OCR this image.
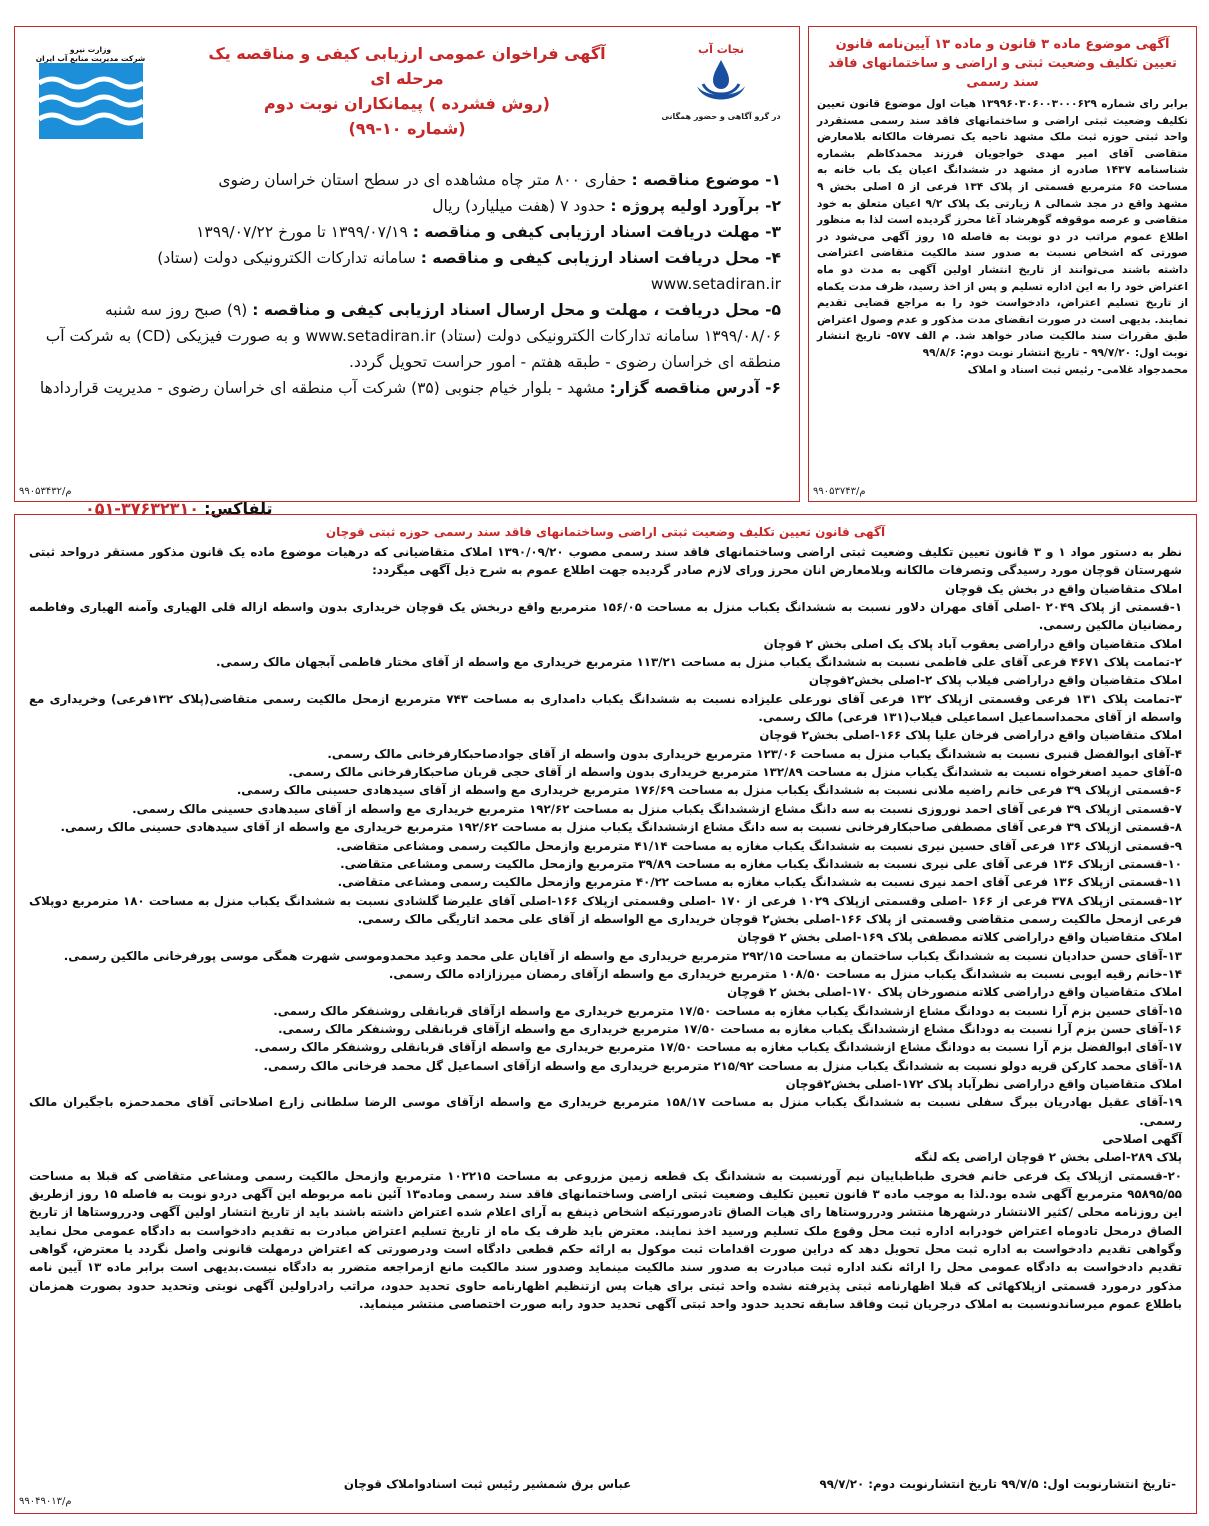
آگهی موضوع ماده ۳ قانون و ماده ۱۳ آیین‌نامه قانون تعیین تکلیف وضعیت ثبتی و اراضی و ساختمانهای فاقد سند رسمی
برابر رای شماره ۱۳۹۹۶۰۳۰۶۰۰۳۰۰۰۶۲۹ هیات اول موضوع قانون تعیین تکلیف وضعیت ثبتی اراضی و ساختمانهای فاقد سند رسمی مستقردر واحد ثبتی حوزه ثبت ملک مشهد ناحیه یک تصرفات مالکانه بلامعارض متقاضی آقای امیر مهدی خواجویان فرزند محمدکاظم بشماره شناسنامه ۱۴۳۷ صادره از مشهد در ششدانگ اعیان یک باب خانه به مساحت ۶۵ مترمربع قسمتی از پلاک ۱۳۴ فرعی از ۵ اصلی بخش ۹ مشهد واقع در مجد شمالی ۸ زیارتی یک پلاک ۹/۲ اعیان متعلق به خود متقاضی و عرصه موقوفه گوهرشاد آغا محرز گردیده است لذا به منظور اطلاع عموم مراتب در دو نوبت به فاصله ۱۵ روز آگهی می‌شود در صورتی که اشخاص نسبت به صدور سند مالکیت متقاضی اعتراضی داشته باشند می‌توانند از تاریخ انتشار اولین آگهی به مدت دو ماه اعتراض خود را به این اداره تسلیم و پس از اخذ رسید، ظرف مدت یکماه از تاریخ تسلیم اعتراض، دادخواست خود را به مراجع قضایی تقدیم نمایند. بدیهی است در صورت انقضای مدت مذکور و عدم وصول اعتراض طبق مقررات سند مالکیت صادر خواهد شد. م الف ۵۷۷- تاریخ انتشار نوبت اول: ۹۹/۷/۲۰ - تاریخ انتشار نوبت دوم: ۹۹/۸/۶
محمدجواد غلامی- رئیس ثبت اسناد و املاک
م/۹۹۰۵۳۷۴۳
نجات آب
در گرو آگاهی و حضور همگانی
آگهی فراخوان عمومی ارزیابی کیفی و مناقصه یک مرحله ای
(روش فشرده ) پیمانکاران نوبت دوم
(شماره ۱۰-۹۹)
وزارت نیرو
شرکت مدیریت منابع آب ایران
۱- موضوع مناقصه : حفاری ۸۰۰ متر چاه مشاهده ای در سطح استان خراسان رضوی
۲- برآورد اولیه پروژه : حدود ۷ (هفت میلیارد) ریال
۳- مهلت دریافت اسناد ارزیابی کیفی و مناقصه : ۱۳۹۹/۰۷/۱۹ تا مورخ ۱۳۹۹/۰۷/۲۲
۴- محل دریافت اسناد ارزیابی کیفی و مناقصه : سامانه تدارکات الکترونیکی دولت (ستاد) www.setadiran.ir
۵- محل دریافت ، مهلت و محل ارسال اسناد ارزیابی کیفی و مناقصه : (۹) صبح روز سه شنبه ۱۳۹۹/۰۸/۰۶ سامانه تدارکات الکترونیکی دولت (ستاد) www.setadiran.ir و به صورت فیزیکی (CD) به شرکت آب منطقه ای خراسان رضوی - طبقه هفتم - امور حراست تحویل گردد.
۶- آدرس مناقصه گزار: مشهد - بلوار خیام جنوبی (۳۵) شرکت آب منطقه ای خراسان رضوی - مدیریت قراردادها
تلفاکس: ۰۵۱-۳۷۶۳۲۳۱۰
م/۹۹۰۵۳۴۳۲
آگهی قانون تعیین تکلیف وضعیت ثبتی اراضی وساختمانهای فاقد سند رسمی حوزه ثبتی قوچان

نظر به دستور مواد ۱ و ۳ قانون تعیین تکلیف وضعیت ثبتی اراضی وساختمانهای فاقد سند رسمی مصوب ۱۳۹۰/۰۹/۲۰ املاک متقاضیانی که درهیات موضوع ماده یک قانون مذکور مستقر درواحد ثبتی شهرستان قوچان مورد رسیدگی وتصرفات مالکانه وبلامعارض انان محرز ورای لازم صادر گردیده جهت اطلاع عموم به شرح ذیل آگهی میگردد:

املاک متقاضیان واقع در بخش یک قوچان

۱-قسمتی از پلاک ۲۰۴۹ -اصلی آقای مهران دلاور نسبت به ششدانگ یکباب منزل به مساحت ۱۵۶/۰۵ مترمربع واقع دربخش یک قوچان خریداری بدون واسطه ازاله قلی الهیاری وآمنه الهیاری وفاطمه رمضانیان مالکین رسمی.

املاک متقاضیان واقع دراراضی یعقوب آباد پلاک یک اصلی بخش ۲ قوچان

۲-تمامت پلاک ۴۶۷۱ فرعی آقای علی فاطمی نسبت به ششدانگ یکباب منزل به مساحت ۱۱۳/۲۱ مترمربع خریداری مع واسطه از آقای مختار فاطمی آبجهان مالک رسمی.

املاک متقاضیان واقع دراراضی فیلاب پلاک ۲-اصلی بخش۲قوچان

۳-تمامت پلاک ۱۳۱ فرعی وقسمتی ازپلاک ۱۳۲ فرعی آقای نورعلی علیزاده نسبت به ششدانگ یکباب دامداری به مساحت ۷۴۳ مترمربع ازمحل مالکیت رسمی متقاضی(پلاک ۱۳۲فرعی) وخریداری مع واسطه از آقای محمداسماعیل اسماعیلی فیلاب(۱۳۱ فرعی) مالک رسمی.

املاک متقاضیان واقع دراراضی فرخان علیا پلاک ۱۶۶-اصلی بخش۲ قوچان

۴-آقای ابوالفضل قنبری نسبت به ششدانگ یکباب منزل به مساحت ۱۲۳/۰۶ مترمربع خریداری بدون واسطه از آقای جوادصاحبکارفرخانی مالک رسمی.

۵-آقای حمید اصغرخواه نسبت به ششدانگ یکباب منزل به مساحت ۱۳۲/۸۹ مترمربع خریداری بدون واسطه از آقای حجی قربان صاحبکارفرخانی مالک رسمی.

۶-قسمتی ازپلاک ۳۹ فرعی خانم راضیه ملانی نسبت به ششدانگ یکباب منزل به مساحت ۱۷۶/۶۹ مترمربع خریداری مع واسطه از آقای سیدهادی حسینی مالک رسمی.

۷-قسمتی ازپلاک ۳۹ فرعی آقای احمد نوروزی نسبت به سه دانگ مشاع ازششدانگ یکباب منزل به مساحت ۱۹۲/۶۲ مترمربع خریداری مع واسطه از آقای سیدهادی حسینی مالک رسمی.

۸-قسمتی ازپلاک ۳۹ فرعی آقای مصطفی صاحبکارفرخانی نسبت به سه دانگ مشاع ازششدانگ یکباب منزل به مساحت ۱۹۲/۶۲ مترمربع خریداری مع واسطه از آقای سیدهادی حسینی مالک رسمی.

۹-قسمتی ازپلاک ۱۳۶ فرعی آقای حسین نیری نسبت به ششدانگ یکباب مغازه به مساحت ۴۱/۱۴ مترمربع وازمحل مالکیت رسمی ومشاعی متقاضی.

۱۰-قسمتی ازپلاک ۱۳۶ فرعی آقای علی نیری نسبت به ششدانگ یکباب مغازه به مساحت ۳۹/۸۹ مترمربع وازمحل مالکیت رسمی ومشاعی متقاضی.

۱۱-قسمتی ازپلاک ۱۳۶ فرعی آقای احمد نیری نسبت به ششدانگ یکباب مغازه به مساحت ۴۰/۲۲ مترمربع وازمحل مالکیت رسمی ومشاعی متقاضی.

۱۲-قسمتی ازپلاک ۳۷۸ فرعی از ۱۶۶ -اصلی وقسمتی ازپلاک ۱۰۲۹ فرعی از ۱۷۰ -اصلی وقسمتی ازپلاک ۱۶۶-اصلی آقای علیرضا گلشادی نسبت به ششدانگ یکباب منزل به مساحت ۱۸۰ مترمربع دوپلاک فرعی ازمحل مالکیت رسمی متقاضی وقسمتی از پلاک ۱۶۶-اصلی بخش۲ قوچان خریداری مع الواسطه از آقای علی محمد اتاریگی مالک رسمی.

املاک متقاضیان واقع دراراضی کلاته مصطفی پلاک ۱۶۹-اصلی بخش ۲ قوچان

۱۳-آقای حسن حدادیان نسبت به ششدانگ یکباب ساختمان به مساحت ۲۹۲/۱۵ مترمربع خریداری مع واسطه از آقایان علی محمد وعید محمدوموسی شهرت همگی موسی پورفرخانی مالکین رسمی.

۱۴-خانم رقیه ایوبی نسبت به ششدانگ یکباب منزل به مساحت ۱۰۸/۵۰ مترمربع خریداری مع واسطه ازآقای رمضان میرزازاده مالک رسمی.

املاک متقاضیان واقع دراراضی کلاته منصورخان پلاک ۱۷۰-اصلی بخش ۲ قوچان

۱۵-آقای حسین بزم آرا نسبت به دودانگ مشاع ازششدانگ یکباب مغازه به مساحت ۱۷/۵۰ مترمربع خریداری مع واسطه ازآقای قربانقلی روشنفکر مالک رسمی.

۱۶-آقای حسن بزم آرا نسبت به دودانگ مشاع ازششدانگ یکباب مغازه به مساحت ۱۷/۵۰ مترمربع خریداری مع واسطه ازآقای قربانقلی روشنفکر مالک رسمی.

۱۷-آقای ابوالفضل بزم آرا نسبت به دودانگ مشاع ازششدانگ یکباب مغازه به مساحت ۱۷/۵۰ مترمربع خریداری مع واسطه ازآقای قربانقلی روشنفکر مالک رسمی.

۱۸-آقای محمد کارکن قریه دولو نسبت به ششدانگ یکباب منزل به مساحت ۲۱۵/۹۲ مترمربع خریداری مع واسطه ازآقای اسماعیل گل محمد فرخانی مالک رسمی.

املاک متقاضیان واقع دراراضی نظرآباد پلاک ۱۷۲-اصلی بخش۲قوچان

۱۹-آقای عقیل بهادریان بیرگ سفلی نسبت به ششدانگ یکباب منزل به مساحت ۱۵۸/۱۷ مترمربع خریداری مع واسطه ازآقای موسی الرضا سلطانی زارع اصلاحاتی آقای محمدحمزه باجگیران مالک رسمی.

آگهی اصلاحی

پلاک ۲۸۹-اصلی بخش ۲ قوچان اراضی یکه لنگه

۲۰-قسمتی ازپلاک یک فرعی خانم فخری طباطباییان نیم آورنسبت به ششدانگ یک قطعه زمین مزروعی به مساحت ۱۰۲۲۱۵ مترمربع وازمحل مالکیت رسمی ومشاعی متقاضی که قبلا به مساحت ۹۵۸۹۵/۵۵ مترمربع آگهی شده بود.لذا به موجب ماده ۳ قانون تعیین تکلیف وضعیت ثبتی اراضی وساختمانهای فاقد سند رسمی وماده۱۳ آئین نامه مربوطه این آگهی دردو نوبت به فاصله ۱۵ روز ازطریق این روزنامه محلی /کثیر الانتشار درشهرها منتشر ودرروستاها رای هیات الصاق تادرصورتیکه اشخاص ذینفع به آرای اعلام شده اعتراض داشته باشند باید از تاریخ انتشار اولین آگهی ودرروستاها از تاریخ الصاق درمحل تادوماه اعتراض خودرابه اداره ثبت محل وقوع ملک تسلیم ورسید اخذ نمایند. معترض باید ظرف یک ماه از تاریخ تسلیم اعتراض مبادرت به تقدیم دادخواست به دادگاه عمومی محل نماید وگواهی تقدیم دادخواست به اداره ثبت محل تحویل دهد که دراین صورت اقدامات ثبت موکول به ارائه حکم قطعی دادگاه است ودرصورتی که اعتراض درمهلت قانونی واصل نگردد یا معترض، گواهی تقدیم دادخواست به دادگاه عمومی محل را ارائه نکند اداره ثبت مبادرت به صدور سند مالکیت مینماید وصدور سند مالکیت مانع ازمراجعه متضرر به دادگاه نیست.بدیهی است برابر ماده ۱۳ آیین نامه مذکور درمورد قسمتی ازپلاکهائی که قبلا اظهارنامه ثبتی پذیرفته نشده واحد ثبتی برای هیات پس ازتنظیم اظهارنامه حاوی تحدید حدود، مراتب رادراولین آگهی نوبتی وتحدید حدود بصورت همزمان باطلاع عموم میرساندونسبت به املاک درجریان ثبت وفاقد سابقه تحدید حدود واحد ثبتی آگهی تحدید حدود رابه صورت اختصاصی منتشر مینماید.

-تاریخ انتشارنوبت اول: ۹۹/۷/۵ تاریخ انتشارنوبت دوم: ۹۹/۷/۲۰  عباس برق شمشیر رئیس ثبت اسنادواملاک قوچان
م/۹۹۰۴۹۰۱۳
